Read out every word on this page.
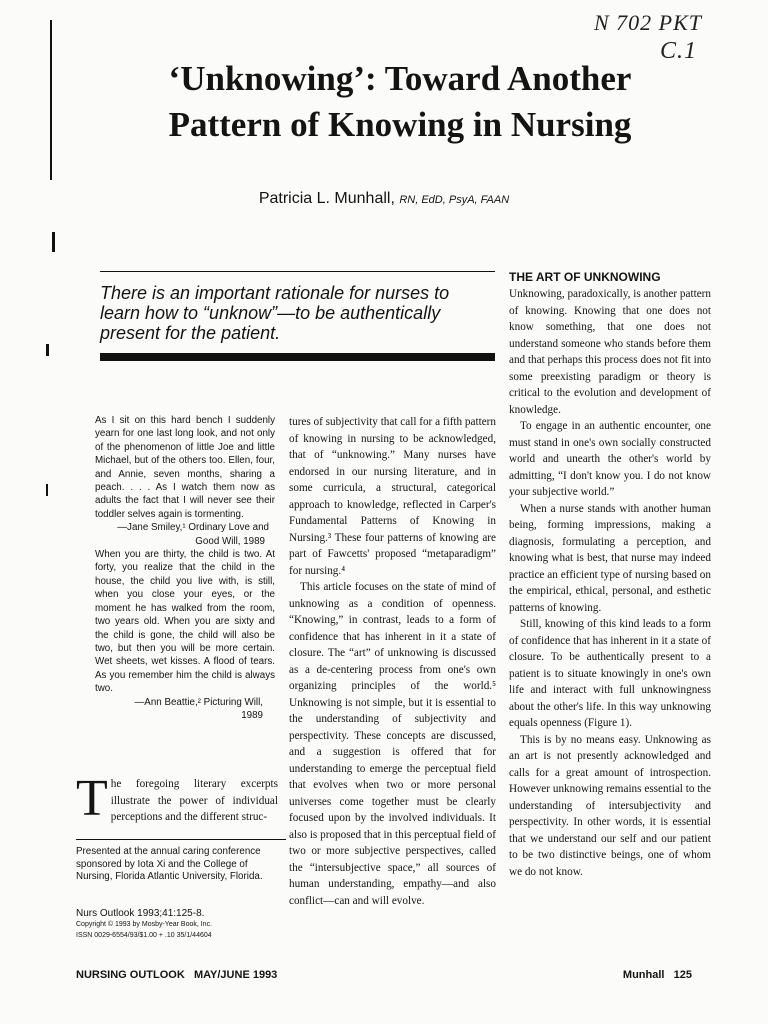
N 702 PKT
C.1
‘Unknowing’: Toward Another
Pattern of Knowing in Nursing
Patricia L. Munhall, RN, EdD, PsyA, FAAN
There is an important rationale for nurses to learn how to “unknow”—to be authentically present for the patient.

As I sit on this hard bench I suddenly yearn for one last long look, and not only of the phenomenon of little Joe and little Michael, but of the others too. Ellen, four, and Annie, seven months, sharing a peach. . . . As I watch them now as adults the fact that I will never see their toddler selves again is tormenting.

—Jane Smiley,¹ Ordinary Love and

Good Will, 1989

When you are thirty, the child is two. At forty, you realize that the child in the house, the child you live with, is still, when you close your eyes, or the moment he has walked from the room, two years old. When you are sixty and the child is gone, the child will also be two, but then you will be more certain. Wet sheets, wet kisses. A flood of tears. As you remember him the child is always two.

—Ann Beattie,² Picturing Will,

1989

T he foregoing literary excerpts illustrate the power of individual perceptions and the different struc-
Presented at the annual caring conference sponsored by Iota Xi and the College of Nursing, Florida Atlantic University, Florida.
Nurs Outlook 1993;41:125-8.
Copyright © 1993 by Mosby-Year Book, Inc.
ISSN 0029-6554/93/$1.00 + .10 35/1/44604

tures of subjectivity that call for a fifth pattern of knowing in nursing to be acknowledged, that of “unknowing.” Many nurses have endorsed in our nursing literature, and in some curricula, a structural, categorical approach to knowledge, reflected in Carper's Fundamental Patterns of Knowing in Nursing.³ These four patterns of knowing are part of Fawcetts' proposed “metaparadigm” for nursing.⁴

This article focuses on the state of mind of unknowing as a condition of openness. “Knowing,” in contrast, leads to a form of confidence that has inherent in it a state of closure. The “art” of unknowing is discussed as a de-centering process from one's own organizing principles of the world.⁵ Unknowing is not simple, but it is essential to the understanding of subjectivity and perspectivity. These concepts are discussed, and a suggestion is offered that for understanding to emerge the perceptual field that evolves when two or more personal universes come together must be clearly focused upon by the involved individuals. It also is proposed that in this perceptual field of two or more subjective perspectives, called the “intersubjective space,” all sources of human understanding, empathy—and also conflict—can and will evolve.

THE ART OF UNKNOWING

Unknowing, paradoxically, is another pattern of knowing. Knowing that one does not know something, that one does not understand someone who stands before them and that perhaps this process does not fit into some preexisting paradigm or theory is critical to the evolution and development of knowledge.

To engage in an authentic encounter, one must stand in one's own socially constructed world and unearth the other's world by admitting, “I don't know you. I do not know your subjective world.”

When a nurse stands with another human being, forming impressions, making a diagnosis, formulating a perception, and knowing what is best, that nurse may indeed practice an efficient type of nursing based on the empirical, ethical, personal, and esthetic patterns of knowing.

Still, knowing of this kind leads to a form of confidence that has inherent in it a state of closure. To be authentically present to a patient is to situate knowingly in one's own life and interact with full unknowingness about the other's life. In this way unknowing equals openness (Figure 1).

This is by no means easy. Unknowing as an art is not presently acknowledged and calls for a great amount of introspection. However unknowing remains essential to the understanding of intersubjectivity and perspectivity. In other words, it is essential that we understand our self and our patient to be two distinctive beings, one of whom we do not know.

NURSING OUTLOOK   MAY/JUNE 1993	Munhall   125
